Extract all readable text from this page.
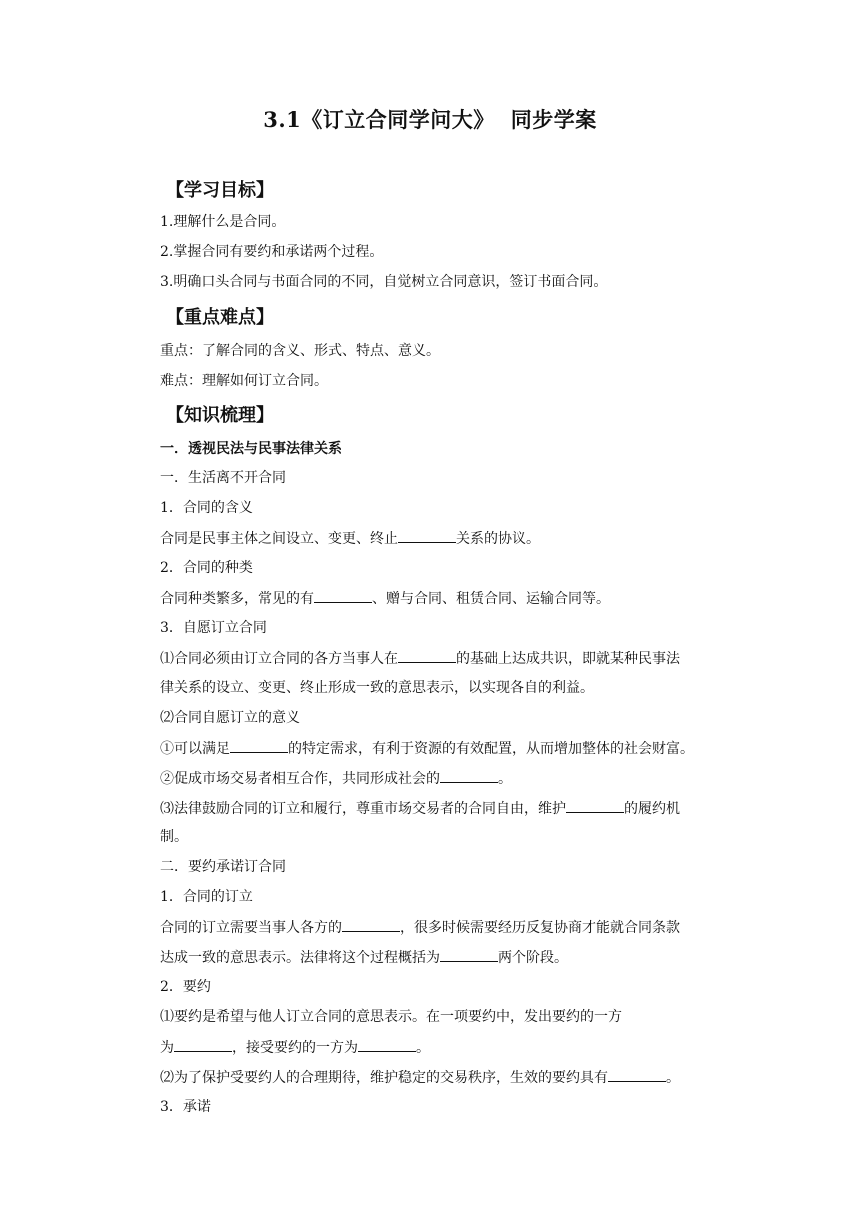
3.1《订立合同学问大》 同步学案
【学习目标】
1.理解什么是合同。
2.掌握合同有要约和承诺两个过程。
3.明确口头合同与书面合同的不同，自觉树立合同意识，签订书面合同。
【重点难点】
重点：了解合同的含义、形式、特点、意义。
难点：理解如何订立合同。
【知识梳理】
一．透视民法与民事法律关系
一．生活离不开合同
1．合同的含义
合同是民事主体之间设立、变更、终止	关系的协议。
2．合同的种类
合同种类繁多，常见的有	、赠与合同、租赁合同、运输合同等。
3．自愿订立合同
⑴合同必须由订立合同的各方当事人在	的基础上达成共识，即就某种民事法
律关系的设立、变更、终止形成一致的意思表示，以实现各自的利益。
⑵合同自愿订立的意义
①可以满足	的特定需求，有利于资源的有效配置，从而增加整体的社会财富。
②促成市场交易者相互合作，共同形成社会的	。
⑶法律鼓励合同的订立和履行，尊重市场交易者的合同自由，维护	的履约机
制。
二．要约承诺订合同
1．合同的订立
合同的订立需要当事人各方的	，很多时候需要经历反复协商才能就合同条款
达成一致的意思表示。法律将这个过程概括为	两个阶段。
2．要约
⑴要约是希望与他人订立合同的意思表示。在一项要约中，发出要约的一方
为	，接受要约的一方为	。
⑵为了保护受要约人的合理期待，维护稳定的交易秩序，生效的要约具有	。
3．承诺
